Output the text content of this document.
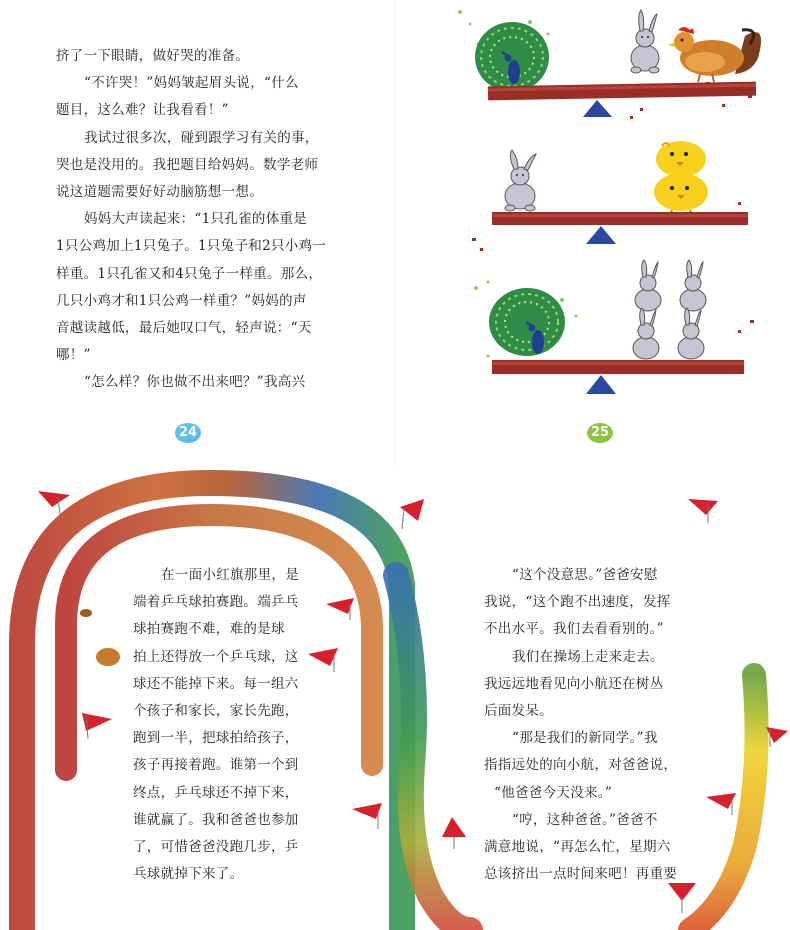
挤了一下眼睛，做好哭的准备。

“不许哭！”妈妈皱起眉头说，“什么

题目，这么难？让我看看！”

我试过很多次，碰到跟学习有关的事，

哭也是没用的。我把题目给妈妈。数学老师

说这道题需要好好动脑筋想一想。

妈妈大声读起来：“1只孔雀的体重是

1只公鸡加上1只兔子。1只兔子和2只小鸡一

样重。1只孔雀又和4只兔子一样重。那么，

几只小鸡才和1只公鸡一样重？”妈妈的声

音越读越低，最后她叹口气，轻声说：“天

哪！”

“怎么样？你也做不出来吧？”我高兴

24	25

在一面小红旗那里，是

端着乒乓球拍赛跑。端乒乓

球拍赛跑不难，难的是球

拍上还得放一个乒乓球，这

球还不能掉下来。每一组六

个孩子和家长，家长先跑，

跑到一半，把球拍给孩子，

孩子再接着跑。谁第一个到

终点，乒乓球还不掉下来，

谁就赢了。我和爸爸也参加

了，可惜爸爸没跑几步，乒

乓球就掉下来了。

“这个没意思。”爸爸安慰

我说，“这个跑不出速度，发挥

不出水平。我们去看看别的。”

我们在操场上走来走去。

我远远地看见向小航还在树丛

后面发呆。

“那是我们的新同学。”我

指指远处的向小航，对爸爸说，

“他爸爸今天没来。”

“哼，这种爸爸。”爸爸不

满意地说，“再怎么忙，星期六

总该挤出一点时间来吧！再重要
